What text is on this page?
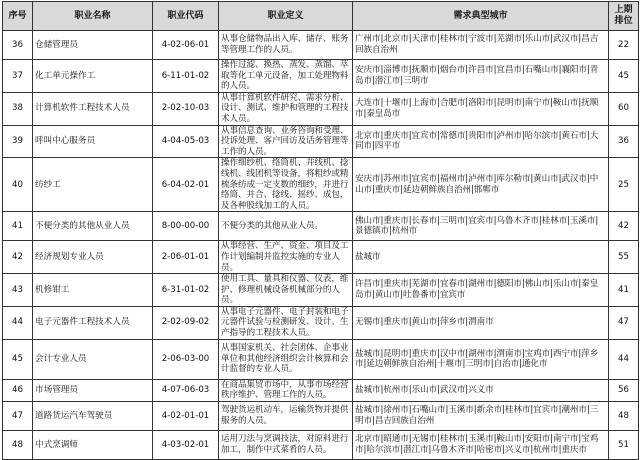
序号	职业名称	职业代码	职业定义	需求典型城市	上期排位
36	仓储管理员	4-02-06-01	从事仓储物品出入库、储存、账务等管理工作的人员。	广州市|北京市|天津市|桂林市|宁波市|芜湖市|乐山市|武汉市|昌吉回族自治州	22
37	化工单元操作工	6-11-01-02	操作过滤、换热、蒸发、蒸馏、萃取等化工单元设备，加工处理物料的人员。	安庆市|淄博市|抚顺市|烟台市|许昌市|宜昌市|石嘴山市|襄阳市|青岛市|潜江市|三明市	45
38	计算机软件工程技术人员	2-02-10-03	从事计算机软件研究、需求分析、设计、测试、维护和管理的工程技术人员。	大连市|十堰市|上海市|合肥市|洛阳市|昆明市|南宁市|鞍山市|抚顺市|秦皇岛市	60
39	呼叫中心服务员	4-04-05-03	从事信息查询、业务咨询和受理、投诉处理、客户回访及话务管理等工作的人员。	北京市|重庆市|宜宾市|常德市|贵阳市|泸州市|哈尔滨市|黄石市|大同市|四平市	36
40	纺纱工	6-04-02-01	操作细纱机、络筒机、并线机、捻线机、线团机等设备，将粗纱或精梳条纺成一定支数的细纱，并进行络筒、并合、捻线、摇纱、成包，及各种股线加工的人员。	安庆市|苏州市|宜宾市|福州市|泸州市|库尔勒市|黄山市|武汉市|中山市|重庆市|延边朝鲜族自治州|邯郸市	25
41	不便分类的其他从业人员	8-00-00-00	不便分类的其他从业人员。	佛山市|重庆市|长春市|三明市|宜宾市|乌鲁木齐市|桂林市|玉溪市|景德镇市|杭州市	42
42	经济规划专业人员	2-06-01-01	从事经营、生产、资金、项目及工作计划编制并监控实施的专业人员。	盐城市	55
43	机修钳工	6-31-01-02	使用工具、量具和仪器、仪表，维护、修理机械设备机械部分的人员。	许昌市|重庆市|芜湖市|宜春市|湖州市|德阳市|佛山市|乐山市|秦皇岛市|黄山市|吐鲁番市|宜宾市	41
44	电子元器件工程技术人员	2-02-09-02	从事电子元器件、电子封装和电子元器件试验与检测研发、设计、生产指导的工程技术人员。	无锡市|重庆市|黄山市|萍乡市|渭南市	47
45	会计专业人员	2-06-03-00	从事国家机关、社会团体、企事业单位和其他经济组织会计核算和会计监督的专业人员。	盐城市|昆明市|重庆市|汉中市|湖州市|渭南市|宝鸡市|西宁市|萍乡市|延边朝鲜族自治州|十堰市|三明市|自治市|通化市	44
46	市场管理员	4-07-06-03	在商品集贸市场中，从事市场经营秩序维护、管理工作的人员。	盐城市|杭州市|乐山市|武汉市|兴义市	56
47	道路货运汽车驾驶员	4-02-01-01	驾驶货运机动车，运输货物并提供服务的人员。	盐城市|徐州市|石嘴山市|玉溪市|新余市|桂林市|宜宾市|潮州市|三明市|昌吉回族自治州	48
48	中式烹调师	4-03-02-01	运用刀法与烹调技法，对原料进行加工，制作中式菜肴的人员。	北京市|昭通市|无锡市|桂林市|玉溪市|鞍山市|安阳市|南宁市|宝鸡市|哈尔滨市|潜江市|乌鲁木齐市|哈密市|兴义市|杭州市|重庆市	51
